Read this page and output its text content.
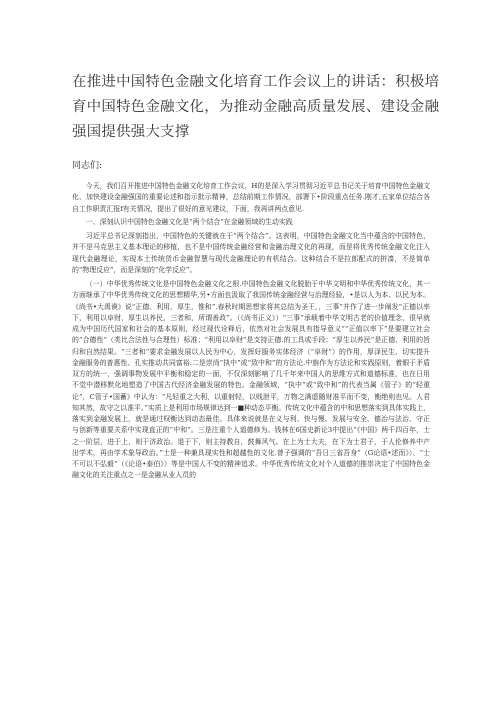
在推进中国特色金融文化培育工作会议上的讲话：积极培育中国特色金融文化，为推动金融高质量发展、建设金融强国提供强大支撑

同志们:

今天，我们召开推进中国特色金融文化培育工作会议，H的是深入学习贯彻习近平总书记关于培育中国特色金融文化、加快建设金融强国的重要论述和指示批示精神，总结前期工作情况，部署下•阶段重点任务.刚才,五家单位结合各自工作职责汇报f有关情况，提出了很好的意见建议，下面，我再讲两点意见.

一、深刻认识中国特色金融文化是“两个结合”在金融领域的生动实践

习近平总书记深刻指出，中国特色的关键就在于“两个结合”。这表明，中国特色金融文化当中蕴含的中国特色，并不是马克思主义基本理论的移植，也不是中国传统金融经营和金融治理文化的再现，而是将优秀传统金融文化注入现代金融理论，实现本土传统货币金融智慧与现代金融理论的有机结合。这种结合不是拉郎配式的拼凑，不是简单的“物理反应”，而是深刻的“化学反应”。

（一）中华优秀传统文化是中国特色金融文化之根.中国特色金融文化脱胎于中华文明和中华优秀传统文化，其一方面继承了中华优秀传统文化的思想精华,另•方面也汲取了我国传统金融经营与治理经验，•是以人为本、以民为本。《尚书•大禹谟》说“正德、利用、厚生，惟和”.春秋时期思想家将其总结为圣王，，三事”并作了进一步阐发“正德以率下，利用以阜财，厚生以养民，三者和，所谓善政”。（《尚书正义》）“三事”承载着中华文明古老的价值理念，很早就成为中国历代国家和社会的基本原则，经过现代诠释后，依然对社会发展具有指导意义““正值以率下”是要建立社会的“合德性”（类比合法性与合理性）标准；“利用以阜财”是支持正德.的工具或手段；“厚生以养民”是正德、利用的旨归和自然结果。“三者和”要求金融发展以人民为中心，发挥好服务实体经济（“阜财”）的作用，厚泽民生、切实提升金融服务的普惠性、孔实推动共同富裕.二是崇尚“执中”或“致中和”的方法论.中旃作为方法论和实践原则，着眼于矛盾双方的统一，强调事物发展中平衡和稳定的一面，不仅深刻影响了几千年来中国人的思维方式和道德标准，也在日用不觉中潜移默化地塑造了中国古代经济金融发展的特色。金融领域，“执中”或“致中和”的代表当属《管子》的“轻重论”，C管子•国蓄》中认为：“凡轻重之大利，以重射轻，以贱泄平，万物之满虚随财准平而不变，衡绝则也见。人君知其然，故守之以准平。”实质上是利用市场规律达到一■种动态平衡。传统文化中蕴含的中和思想落实到具体实践上，落实到金融发展上，就是通过权衡达到动态最佳。具体来说就是在义与利、快与慢、发展与安全、德治与法治、守正与创新等重要关系中实现直正的“中和”。三是注重个人道德修为。钱林在6国史新论3中提出“《中国》两千四百年，士之一阶层，进于上，则干济政治。退于下，则主持教自，鼓舞风气。在上为士大夫，在下为士君子，于人伦修养中产出学术，再由学术象导政治。”士是一种兼具现实性和超越性的文化.曾子强调的“吾日三省吾身”（G论语•述而》）、“士不可以不弘毅”（《论语•泰伯》）等是中国人不变的精神追求。中华优秀传统文化对个人道德的推崇决定了中国特色金融文化的关注重点之一是金融从业人员的
